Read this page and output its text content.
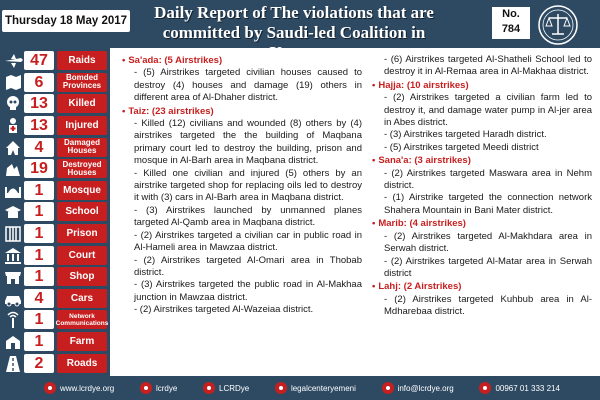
Thursday 18 May 2017	Daily Report of The violations that are
committed by Saudi-led Coalition in
No.
784
47	Raids
6	Bomded Provinces
13	Killed
13	Injured
4	Damaged Houses
19	Destroyed Houses
1	Mosque
1	School
1	Prison
1	Court
1	Shop
4	Cars
1	Network Communications
1	Farm
2	Roads
• Sa'ada: (5 Airstrikes)
- (5) Airstrikes targeted civilian houses caused to destroy (4) houses and damage (19) others in different area of Al-Dhaher district.
• Taiz: (23 airstrikes)
- Killed (12) civilians and wounded (8) others by (4) airstrikes targeted the the building of Maqbana primary court led to destroy the building, prison and mosque in Al-Barh area in Maqbana district.
- Killed one civilian and injured (5) others by an airstrike targeted shop for replacing oils led to destroy it with (3) cars in Al-Barh area in Maqbana district.
- (3) Airstrikes launched by unmanned planes targeted Al-Qamb area in Maqbana district.
- (2) Airstrikes targeted a civilian car in public road in Al-Hameli area in Mawzaa district.
- (2) Airstrikes targeted Al-Omari area in Thobab district.
- (3) Airstrikes targeted the public road in Al-Makhaa junction in Mawzaa district.
- (2) Airstrikes targeted Al-Wazeiaa district.
- (6) Airstrikes targeted Al-Shatheli School led to destroy it in Al-Remaa area in Al-Makhaa district.
• Hajja: (10 airstrikes)
- (2) Airstrikes targeted a civilian farm led to destroy it, and damage water pump in Al-jer area in Abes district.
- (3) Airstrikes targeted Haradh district.
- (5) Airstrikes targeted Meedi district
• Sana'a: (3 airstrikes)
- (2) Airstrikes targeted Maswara area in Nehm district.
- (1) Airstrike targeted the connection network Shahera Mountain in Bani Mater district.
• Marib: (4 airstrikes)
- (2) Airstrikes targeted Al-Makhdara area in Serwah district.
- (2) Airstrikes targeted Al-Matar area in Serwah district
• Lahj: (2 Airstrikes)
- (2) Airstrikes targeted Kuhbub area in Al-Mdharebaa district.
www.lcrdye.org	lcrdye	LCRDye	legalcenteryemeni	info@lcrdye.org	00967 01 333 214
